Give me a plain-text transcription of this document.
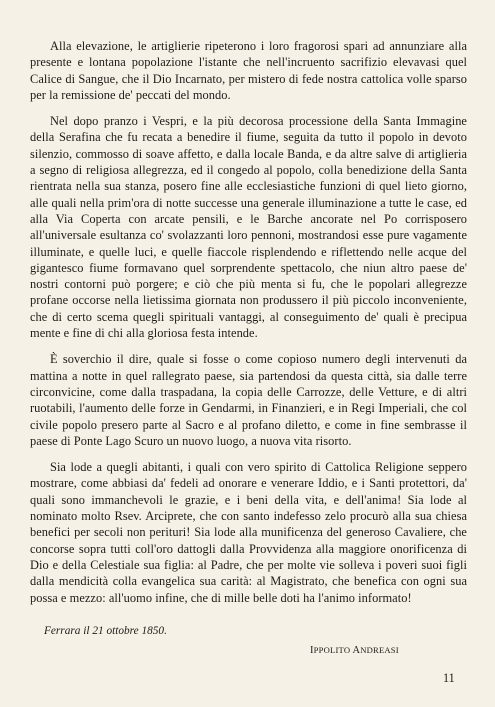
Alla elevazione, le artiglierie ripeterono i loro fragorosi spari ad annunziare alla presente e lontana popolazione l'istante che nell'incruento sacrifizio elevavasi quel Calice di Sangue, che il Dio Incarnato, per mistero di fede nostra cattolica volle sparso per la remissione de' peccati del mondo.

Nel dopo pranzo i Vespri, e la più decorosa processione della Santa Immagine della Serafina che fu recata a benedire il fiume, seguita da tutto il popolo in devoto silenzio, commosso di soave affetto, e dalla locale Banda, e da altre salve di artiglieria a segno di religiosa allegrezza, ed il congedo al popolo, colla benedizione della Santa rientrata nella sua stanza, posero fine alle ecclesiastiche funzioni di quel lieto giorno, alle quali nella prim'ora di notte successe una generale illuminazione a tutte le case, ed alla Via Coperta con arcate pensili, e le Barche ancorate nel Po corrisposero all'universale esultanza co' svolazzanti loro pennoni, mostrandosi esse pure vagamente illuminate, e quelle luci, e quelle fiaccole risplendendo e riflettendo nelle acque del gigantesco fiume formavano quel sorprendente spettacolo, che niun altro paese de' nostri contorni può porgere; e ciò che più menta si fu, che le popolari allegrezze profane occorse nella lietissima giornata non produssero il più piccolo inconveniente, che di certo scema quegli spirituali vantaggi, al conseguimento de' quali è precipua mente e fine di chi alla gloriosa festa intende.

È soverchio il dire, quale si fosse o come copioso numero degli intervenuti da mattina a notte in quel rallegrato paese, sia partendosi da questa città, sia dalle terre circonvicine, come dalla traspadana, la copia delle Carrozze, delle Vetture, e di altri ruotabili, l'aumento delle forze in Gendarmi, in Finanzieri, e in Regi Imperiali, che col civile popolo presero parte al Sacro e al profano diletto, e come in fine sembrasse il paese di Ponte Lago Scuro un nuovo luogo, a nuova vita risorto.

Sia lode a quegli abitanti, i quali con vero spirito di Cattolica Religione seppero mostrare, come abbiasi da' fedeli ad onorare e venerare Iddio, e i Santi protettori, da' quali sono immanchevoli le grazie, e i beni della vita, e dell'anima! Sia lode al nominato molto Rsev. Arciprete, che con santo indefesso zelo procurò alla sua chiesa benefici per secoli non perituri! Sia lode alla munificenza del generoso Cavaliere, che concorse sopra tutti coll'oro dattogli dalla Provvidenza alla maggiore onorificenza di Dio e della Celestiale sua figlia: al Padre, che per molte vie solleva i poveri suoi figli dalla mendicità colla evangelica sua carità: al Magistrato, che benefica con ogni sua possa e mezzo: all'uomo infine, che di mille belle doti ha l'animo informato!

Ferrara il 21 ottobre 1850.
IPPOLITO ANDREASI
11
